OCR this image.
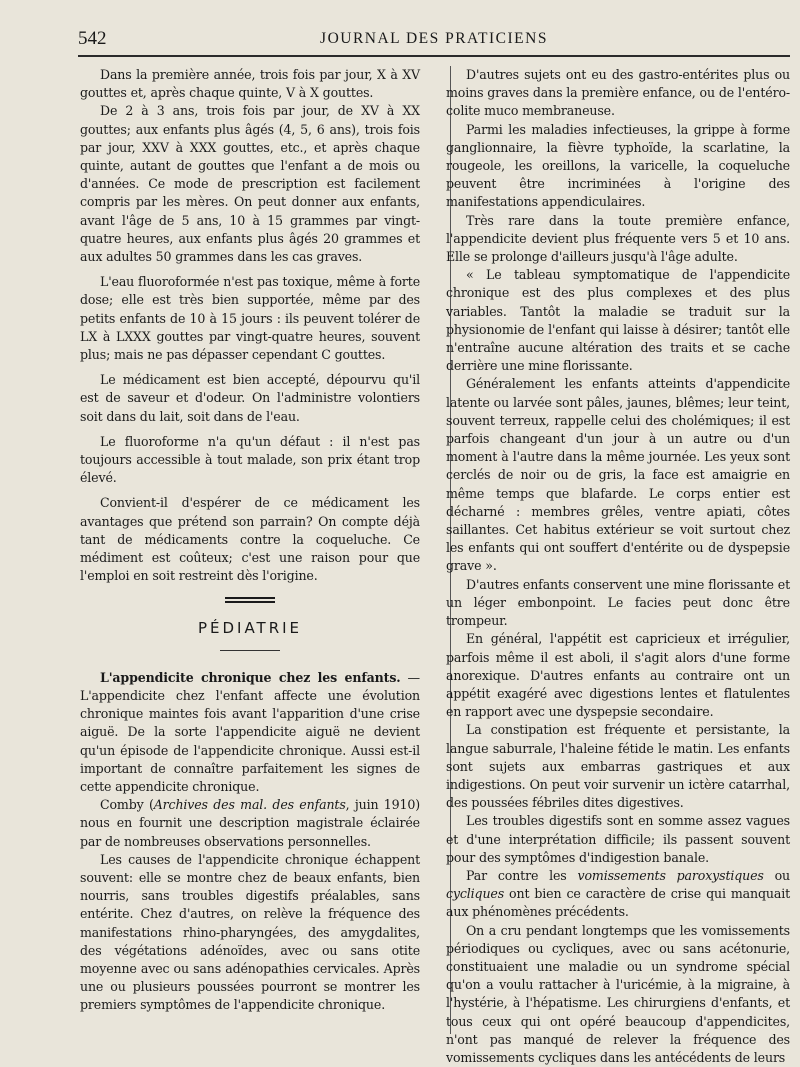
542	JOURNAL DES PRATICIENS

Dans la première année, trois fois par jour, X à XV gouttes et, après chaque quinte, V à X gouttes.

De 2 à 3 ans, trois fois par jour, de XV à XX gouttes; aux enfants plus âgés (4, 5, 6 ans), trois fois par jour, XXV à XXX gouttes, etc., et après chaque quinte, autant de gouttes que l'enfant a de mois ou d'années. Ce mode de prescription est facilement compris par les mères. On peut donner aux enfants, avant l'âge de 5 ans, 10 à 15 grammes par vingt-quatre heures, aux enfants plus âgés 20 grammes et aux adultes 50 grammes dans les cas graves.

L'eau fluoroformée n'est pas toxique, même à forte dose; elle est très bien supportée, même par des petits enfants de 10 à 15 jours : ils peuvent tolérer de LX à LXXX gouttes par vingt-quatre heures, souvent plus; mais ne pas dépasser cependant C gouttes.

Le médicament est bien accepté, dépourvu qu'il est de saveur et d'odeur. On l'administre volontiers soit dans du lait, soit dans de l'eau.

Le fluoroforme n'a qu'un défaut : il n'est pas toujours accessible à tout malade, son prix étant trop élevé.

Convient-il d'espérer de ce médicament les avantages que prétend son parrain? On compte déjà tant de médicaments contre la coqueluche. Ce médiment est coûteux; c'est une raison pour que l'emploi en soit restreint dès l'origine.

PÉDIATRIE

L'appendicite chronique chez les enfants. — L'appendicite chez l'enfant affecte une évolution chronique maintes fois avant l'apparition d'une crise aiguë. De la sorte l'appendicite aiguë ne devient qu'un épisode de l'appendicite chronique. Aussi est-il important de connaître parfaitement les signes de cette appendicite chronique.

Comby (Archives des mal. des enfants, juin 1910) nous en fournit une description magistrale éclairée par de nombreuses observations personnelles.

Les causes de l'appendicite chronique échappent souvent: elle se montre chez de beaux enfants, bien nourris, sans troubles digestifs préalables, sans entérite. Chez d'autres, on relève la fréquence des manifestations rhino-pharyngées, des amygdalites, des végétations adénoïdes, avec ou sans otite moyenne avec ou sans adénopathies cervicales. Après une ou plusieurs poussées pourront se montrer les premiers symptômes de l'appendicite chronique.

D'autres sujets ont eu des gastro-entérites plus ou moins graves dans la première enfance, ou de l'entéro-colite muco membraneuse.

Parmi les maladies infectieuses, la grippe à forme ganglionnaire, la fièvre typhoïde, la scarlatine, la rougeole, les oreillons, la varicelle, la coqueluche peuvent être incriminées à l'origine des manifestations appendiculaires.

Très rare dans la toute première enfance, l'appendicite devient plus fréquente vers 5 et 10 ans. Elle se prolonge d'ailleurs jusqu'à l'âge adulte.

« Le tableau symptomatique de l'appendicite chronique est des plus complexes et des plus variables. Tantôt la maladie se traduit sur la physionomie de l'enfant qui laisse à désirer; tantôt elle n'entraîne aucune altération des traits et se cache derrière une mine florissante.

Généralement les enfants atteints d'appendicite latente ou larvée sont pâles, jaunes, blêmes; leur teint, souvent terreux, rappelle celui des cholémiques; il est parfois changeant d'un jour à un autre ou d'un moment à l'autre dans la même journée. Les yeux sont cerclés de noir ou de gris, la face est amaigrie en même temps que blafarde. Le corps entier est décharné : membres grêles, ventre apiati, côtes saillantes. Cet habitus extérieur se voit surtout chez les enfants qui ont souffert d'entérite ou de dyspepsie grave ».

D'autres enfants conservent une mine florissante et un léger embonpoint. Le facies peut donc être trompeur.

En général, l'appétit est capricieux et irrégulier, parfois même il est aboli, il s'agit alors d'une forme anorexique. D'autres enfants au contraire ont un appétit exagéré avec digestions lentes et flatulentes en rapport avec une dyspepsie secondaire.

La constipation est fréquente et persistante, la langue saburrale, l'haleine fétide le matin. Les enfants sont sujets aux embarras gastriques et aux indigestions. On peut voir survenir un ictère catarrhal, des poussées fébriles dites digestives.

Les troubles digestifs sont en somme assez vagues et d'une interprétation difficile; ils passent souvent pour des symptômes d'indigestion banale.

Par contre les vomissements paroxystiques ou cycliques ont bien ce caractère de crise qui manquait aux phénomènes précédents.

On a cru pendant longtemps que les vomissements périodiques ou cycliques, avec ou sans acétonurie, constituaient une maladie ou un syndrome spécial qu'on a voulu rattacher à l'uricémie, à la migraine, à l'hystérie, à l'hépatisme. Les chirurgiens d'enfants, et tous ceux qui ont opéré beaucoup d'appendicites, n'ont pas manqué de relever la fréquence des vomissements cycliques dans les antécédents de leurs
